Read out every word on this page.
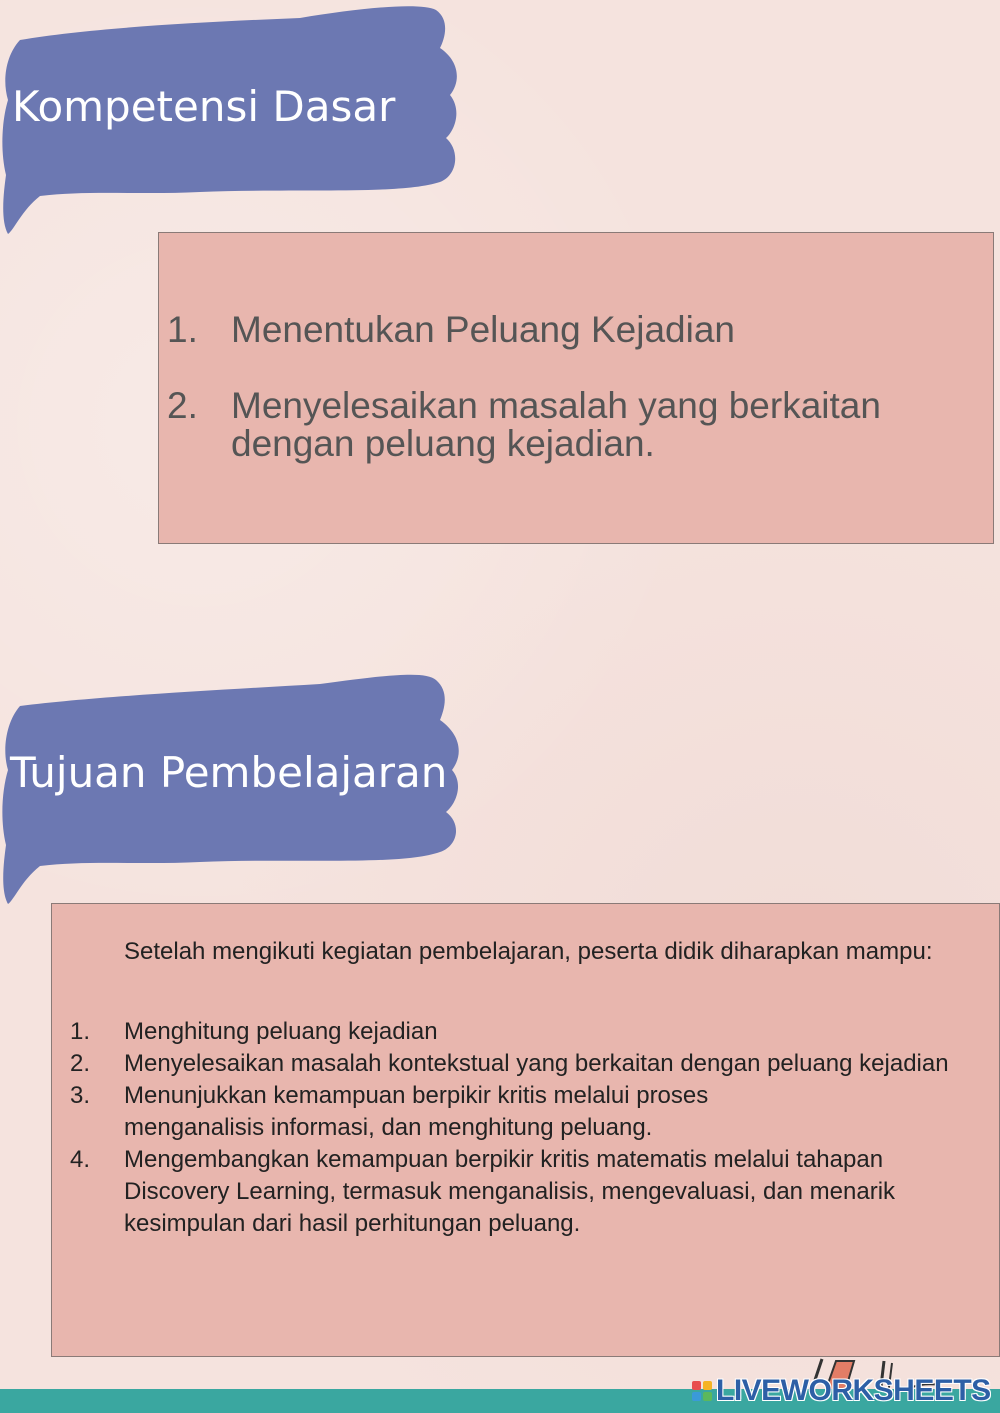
Kompetensi Dasar
1. Menentukan Peluang Kejadian
2. Menyelesaikan masalah yang berkaitan dengan peluang kejadian.
Tujuan Pembelajaran
Setelah mengikuti kegiatan pembelajaran, peserta didik diharapkan mampu:
1.	Menghitung peluang kejadian
2.	Menyelesaikan masalah kontekstual yang berkaitan dengan peluang kejadian
3.	Menunjukkan kemampuan berpikir kritis melalui proses menganalisis informasi, dan menghitung peluang.
4.	Mengembangkan kemampuan berpikir kritis matematis melalui tahapan Discovery Learning, termasuk menganalisis, mengevaluasi, dan menarik kesimpulan dari hasil perhitungan peluang.
LIVEWORKSHEETS
